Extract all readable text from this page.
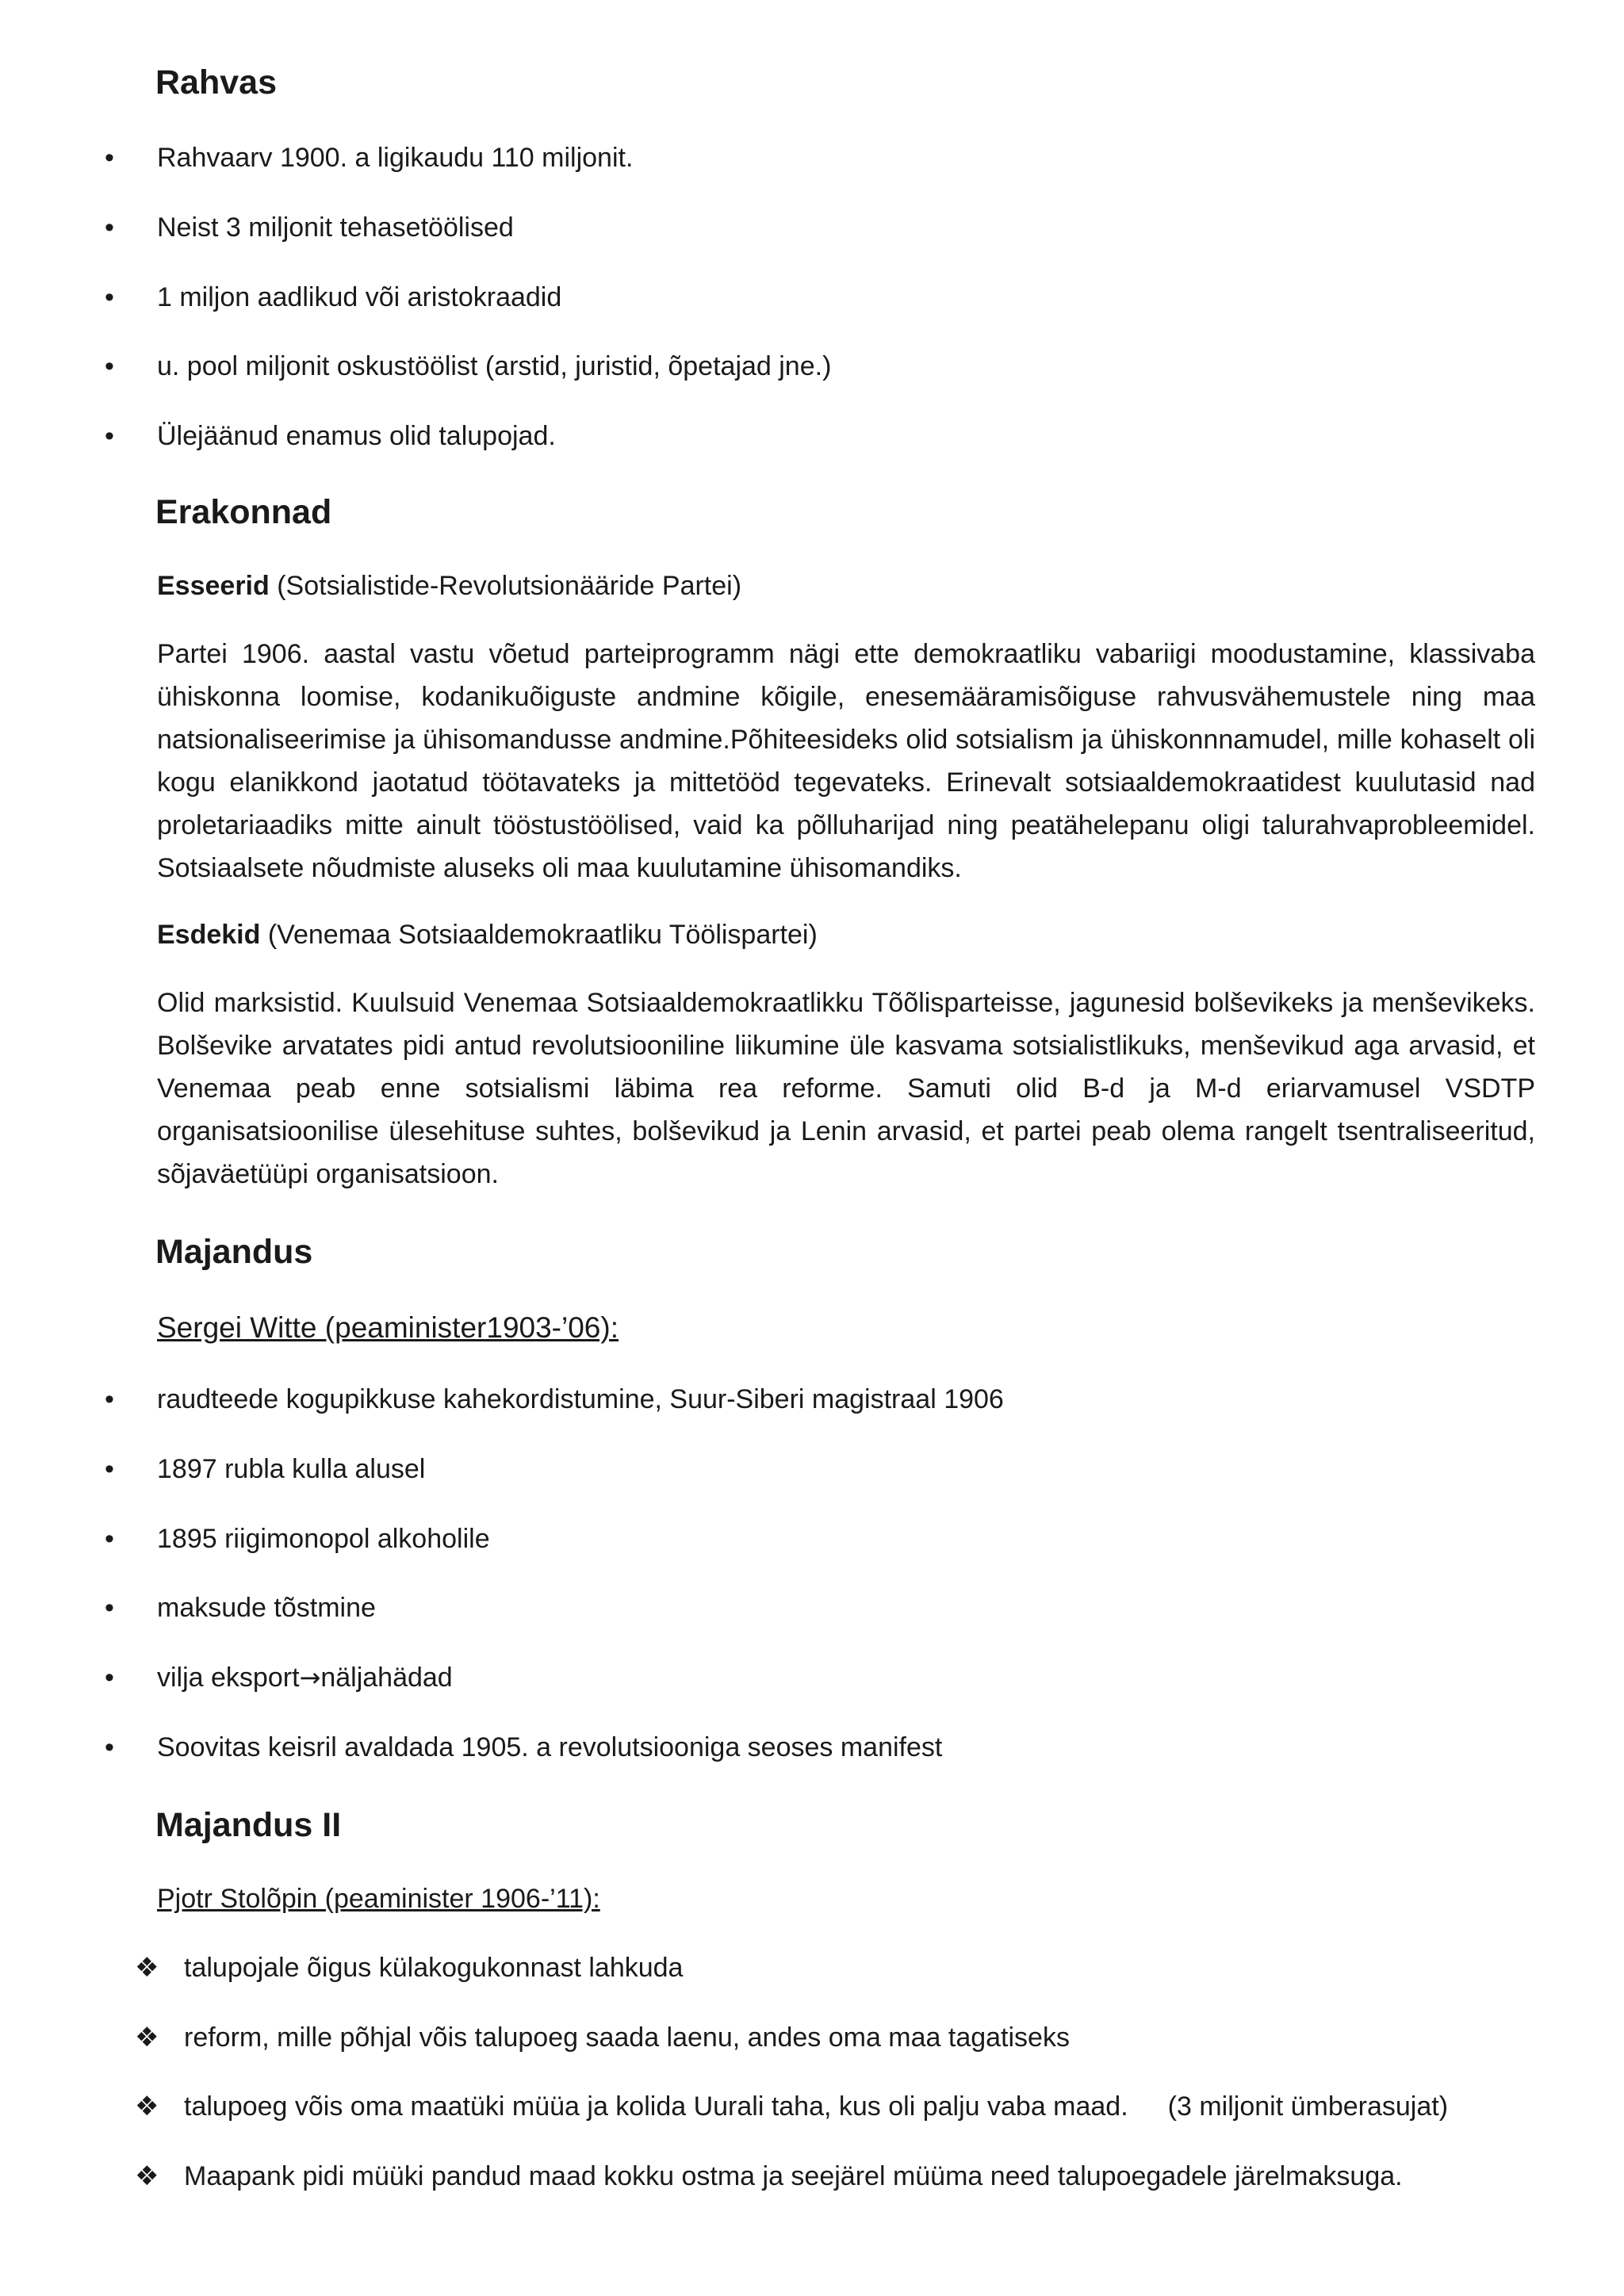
Rahvas
• Rahvaarv 1900. a ligikaudu 110 miljonit.
• Neist 3 miljonit tehasetöölised
• 1 miljon aadlikud või aristokraadid
• u. pool miljonit oskustöölist (arstid, juristid, õpetajad jne.)
• Ülejäänud enamus olid talupojad.
Erakonnad
Esseerid (Sotsialistide-Revolutsionääride Partei)

Partei 1906. aastal vastu võetud parteiprogramm nägi ette demokraatliku vabariigi moodustamine, klassivaba ühiskonna loomise, kodanikuõiguste andmine kõigile, enesemääramisõiguse rahvusvähemustele ning maa natsionaliseerimise ja ühisomandusse andmine.Põhiteesideks olid sotsialism ja ühiskonnnamudel, mille kohaselt oli kogu elanikkond jaotatud töötavateks ja mittetööd tegevateks. Erinevalt sotsiaaldemokraatidest kuulutasid nad proletariaadiks mitte ainult tööstustöölised, vaid ka põlluharijad ning peatähelepanu oligi talurahvaprobleemidel. Sotsiaalsete nõudmiste aluseks oli maa kuulutamine ühisomandiks.

Esdekid (Venemaa Sotsiaaldemokraatliku Töölispartei)

Olid marksistid. Kuulsuid Venemaa Sotsiaaldemokraatlikku Tõõlisparteisse, jagunesid bolševikeks ja menševikeks. Bolševike arvatates pidi antud revolutsiooniline liikumine üle kasvama sotsialistlikuks, menševikud aga arvasid, et Venemaa peab enne sotsialismi läbima rea reforme. Samuti olid B-d ja M-d eriarvamusel VSDTP organisatsioonilise ülesehituse suhtes, bolševikud ja Lenin arvasid, et partei peab olema rangelt tsentraliseeritud, sõjaväetüüpi organisatsioon.

Majandus
Sergei Witte (peaminister1903-’06):
• raudteede kogupikkuse kahekordistumine, Suur-Siberi magistraal 1906
• 1897 rubla kulla alusel
• 1895 riigimonopol alkoholile
• maksude tõstmine
• vilja eksport→näljahädad
• Soovitas keisril avaldada 1905. a revolutsiooniga seoses manifest
Majandus II
Pjotr Stolõpin (peaminister 1906-’11):
❖ talupojale õigus külakogukonnast lahkuda
❖ reform, mille põhjal võis talupoeg saada laenu, andes oma maa tagatiseks
❖ talupoeg võis oma maatüki müüa ja kolida Uurali taha, kus oli palju vaba maad. (3 miljonit ümberasujat)
❖ Maapank pidi müüki pandud maad kokku ostma ja seejärel müüma need talupoegadele järelmaksuga.
